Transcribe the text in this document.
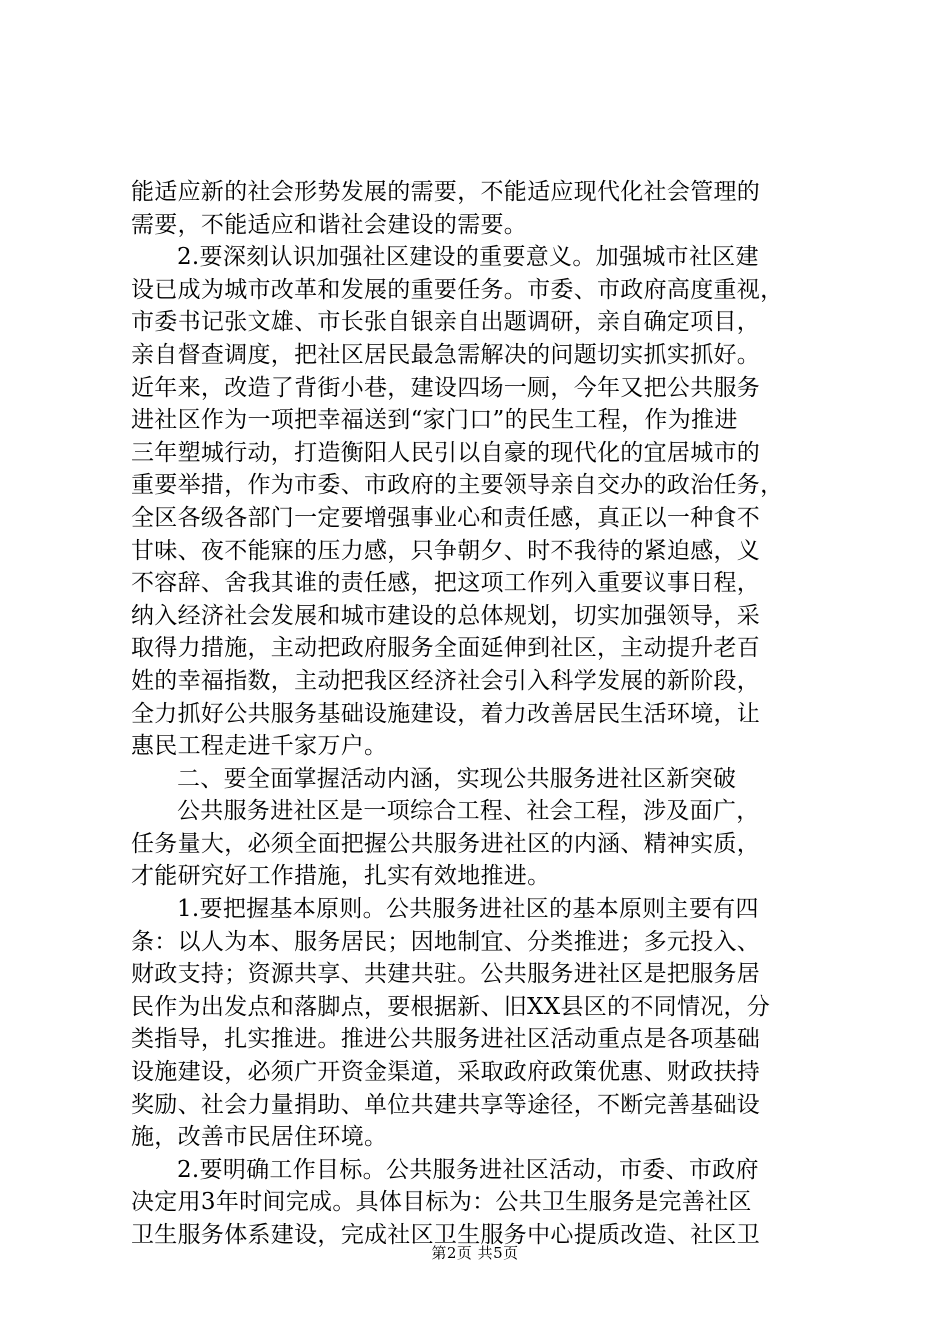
能适应新的社会形势发展的需要，不能适应现代化社会管理的
需要，不能适应和谐社会建设的需要。
2.要深刻认识加强社区建设的重要意义。加强城市社区建
设已成为城市改革和发展的重要任务。市委、市政府高度重视，
市委书记张文雄、市长张自银亲自出题调研，亲自确定项目，
亲自督查调度，把社区居民最急需解决的问题切实抓实抓好。
近年来，改造了背街小巷，建设四场一厕，今年又把公共服务
进社区作为一项把幸福送到“家门口”的民生工程，作为推进
三年塑城行动，打造衡阳人民引以自豪的现代化的宜居城市的
重要举措，作为市委、市政府的主要领导亲自交办的政治任务，
全区各级各部门一定要增强事业心和责任感，真正以一种食不
甘味、夜不能寐的压力感，只争朝夕、时不我待的紧迫感，义
不容辞、舍我其谁的责任感，把这项工作列入重要议事日程，
纳入经济社会发展和城市建设的总体规划，切实加强领导，采
取得力措施，主动把政府服务全面延伸到社区，主动提升老百
姓的幸福指数，主动把我区经济社会引入科学发展的新阶段，
全力抓好公共服务基础设施建设，着力改善居民生活环境，让
惠民工程走进千家万户。
二、要全面掌握活动内涵，实现公共服务进社区新突破
公共服务进社区是一项综合工程、社会工程，涉及面广，
任务量大，必须全面把握公共服务进社区的内涵、精神实质，
才能研究好工作措施，扎实有效地推进。
1.要把握基本原则。公共服务进社区的基本原则主要有四
条：以人为本、服务居民；因地制宜、分类推进；多元投入、
财政支持；资源共享、共建共驻。公共服务进社区是把服务居
民作为出发点和落脚点，要根据新、旧XX县区的不同情况，分
类指导，扎实推进。推进公共服务进社区活动重点是各项基础
设施建设，必须广开资金渠道，采取政府政策优惠、财政扶持
奖励、社会力量捐助、单位共建共享等途径，不断完善基础设
施，改善市民居住环境。
2.要明确工作目标。公共服务进社区活动，市委、市政府
决定用3年时间完成。具体目标为：公共卫生服务是完善社区
卫生服务体系建设，完成社区卫生服务中心提质改造、社区卫
第2页 共5页
